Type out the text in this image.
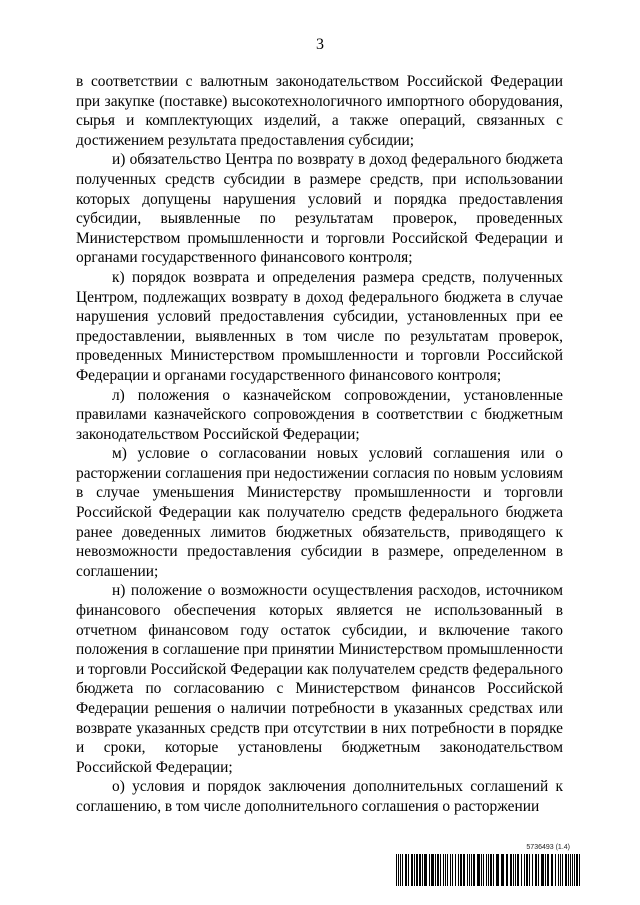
3

в соответствии с валютным законодательством Российской Федерации при закупке (поставке) высокотехнологичного импортного оборудования, сырья и комплектующих изделий, а также операций, связанных с достижением результата предоставления субсидии;

и) обязательство Центра по возврату в доход федерального бюджета полученных средств субсидии в размере средств, при использовании которых допущены нарушения условий и порядка предоставления субсидии, выявленные по результатам проверок, проведенных Министерством промышленности и торговли Российской Федерации и органами государственного финансового контроля;

к) порядок возврата и определения размера средств, полученных Центром, подлежащих возврату в доход федерального бюджета в случае нарушения условий предоставления субсидии, установленных при ее предоставлении, выявленных в том числе по результатам проверок, проведенных Министерством промышленности и торговли Российской Федерации и органами государственного финансового контроля;

л) положения о казначейском сопровождении, установленные правилами казначейского сопровождения в соответствии с бюджетным законодательством Российской Федерации;

м) условие о согласовании новых условий соглашения или о расторжении соглашения при недостижении согласия по новым условиям в случае уменьшения Министерству промышленности и торговли Российской Федерации как получателю средств федерального бюджета ранее доведенных лимитов бюджетных обязательств, приводящего к невозможности предоставления субсидии в размере, определенном в соглашении;

н) положение о возможности осуществления расходов, источником финансового обеспечения которых является не использованный в отчетном финансовом году остаток субсидии, и включение такого положения в соглашение при принятии Министерством промышленности и торговли Российской Федерации как получателем средств федерального бюджета по согласованию с Министерством финансов Российской Федерации решения о наличии потребности в указанных средствах или возврате указанных средств при отсутствии в них потребности в порядке и сроки, которые установлены бюджетным законодательством Российской Федерации;

о) условия и порядок заключения дополнительных соглашений к соглашению, в том числе дополнительного соглашения о расторжении

5736493 (1.4)
